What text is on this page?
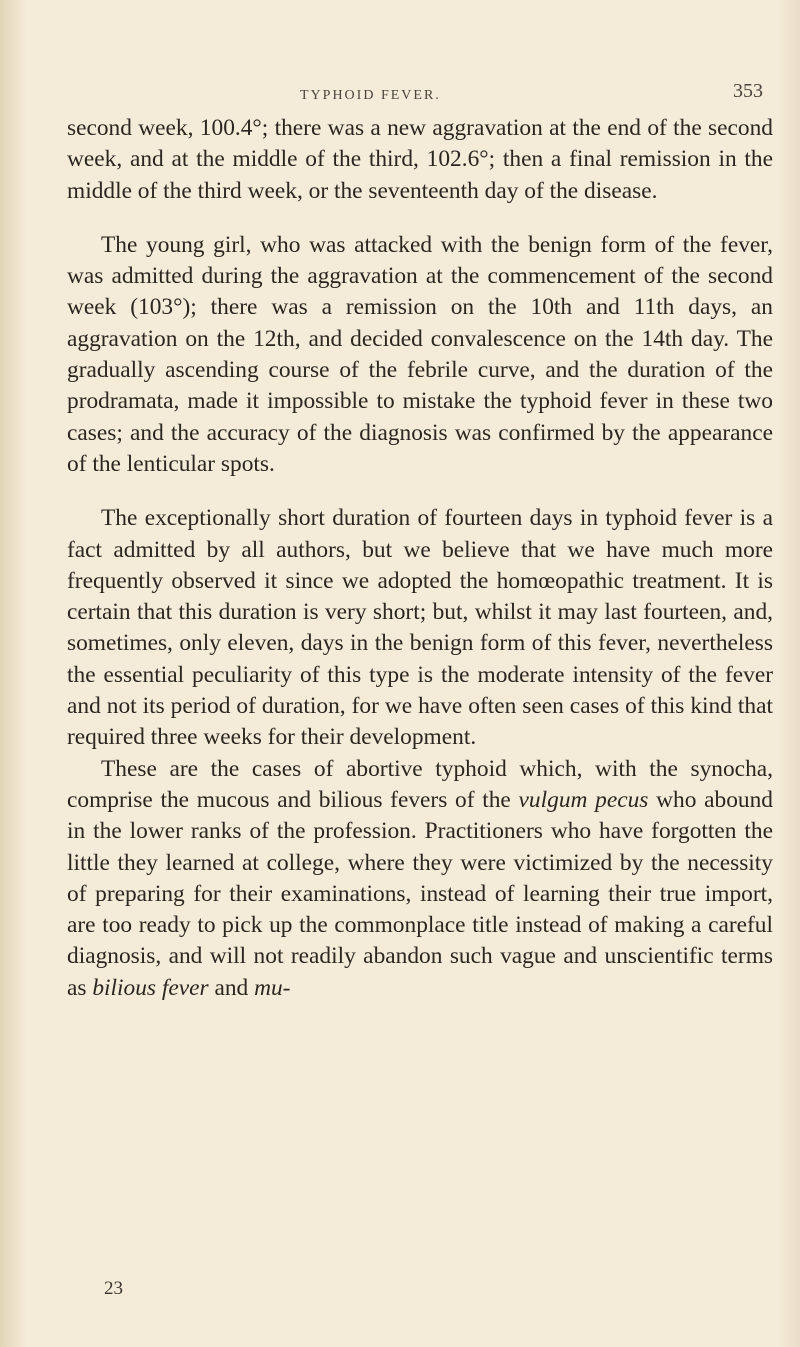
TYPHOID FEVER.	353

second week, 100.4°; there was a new aggravation at the end of the second week, and at the middle of the third, 102.6°; then a final remission in the middle of the third week, or the seventeenth day of the disease.

The young girl, who was attacked with the benign form of the fever, was admitted during the aggravation at the commencement of the second week (103°); there was a remission on the 10th and 11th days, an aggravation on the 12th, and decided convalescence on the 14th day. The gradually ascending course of the febrile curve, and the duration of the prodramata, made it impossible to mistake the typhoid fever in these two cases; and the accuracy of the diagnosis was confirmed by the appearance of the lenticular spots.

The exceptionally short duration of fourteen days in typhoid fever is a fact admitted by all authors, but we believe that we have much more frequently observed it since we adopted the homœopathic treatment. It is certain that this duration is very short; but, whilst it may last fourteen, and, sometimes, only eleven, days in the benign form of this fever, nevertheless the essential peculiarity of this type is the moderate intensity of the fever and not its period of duration, for we have often seen cases of this kind that required three weeks for their development.

These are the cases of abortive typhoid which, with the synocha, comprise the mucous and bilious fevers of the vulgum pecus who abound in the lower ranks of the profession. Practitioners who have forgotten the little they learned at college, where they were victimized by the necessity of preparing for their examinations, instead of learning their true import, are too ready to pick up the commonplace title instead of making a careful diagnosis, and will not readily abandon such vague and unscientific terms as bilious fever and mu-

23
